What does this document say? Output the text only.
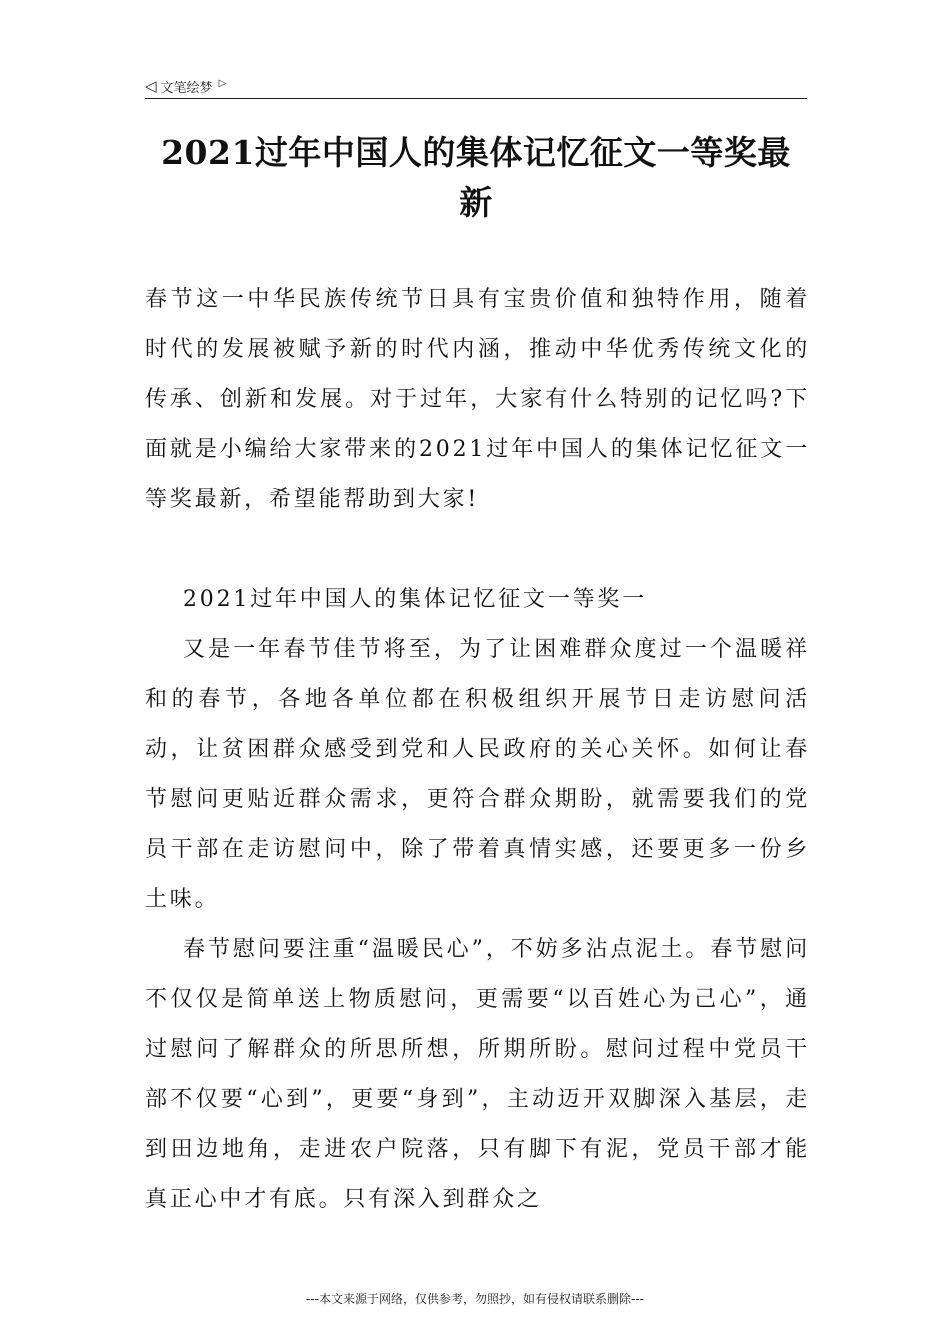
◁ 文笔绘梦 ▷
2021过年中国人的集体记忆征文一等奖最新

春节这一中华民族传统节日具有宝贵价值和独特作用，随着时代的发展被赋予新的时代内涵，推动中华优秀传统文化的传承、创新和发展。对于过年，大家有什么特别的记忆吗?下面就是小编给大家带来的2021过年中国人的集体记忆征文一等奖最新，希望能帮助到大家!

2021过年中国人的集体记忆征文一等奖一

又是一年春节佳节将至，为了让困难群众度过一个温暖祥和的春节，各地各单位都在积极组织开展节日走访慰问活动，让贫困群众感受到党和人民政府的关心关怀。如何让春节慰问更贴近群众需求，更符合群众期盼，就需要我们的党员干部在走访慰问中，除了带着真情实感，还要更多一份乡土味。

春节慰问要注重“温暖民心”，不妨多沾点泥土。春节慰问不仅仅是简单送上物质慰问，更需要“以百姓心为己心”，通过慰问了解群众的所思所想，所期所盼。慰问过程中党员干部不仅要“心到”，更要“身到”，主动迈开双脚深入基层，走到田边地角，走进农户院落，只有脚下有泥，党员干部才能真正心中才有底。只有深入到群众之

---本文来源于网络，仅供参考，勿照抄，如有侵权请联系删除---
